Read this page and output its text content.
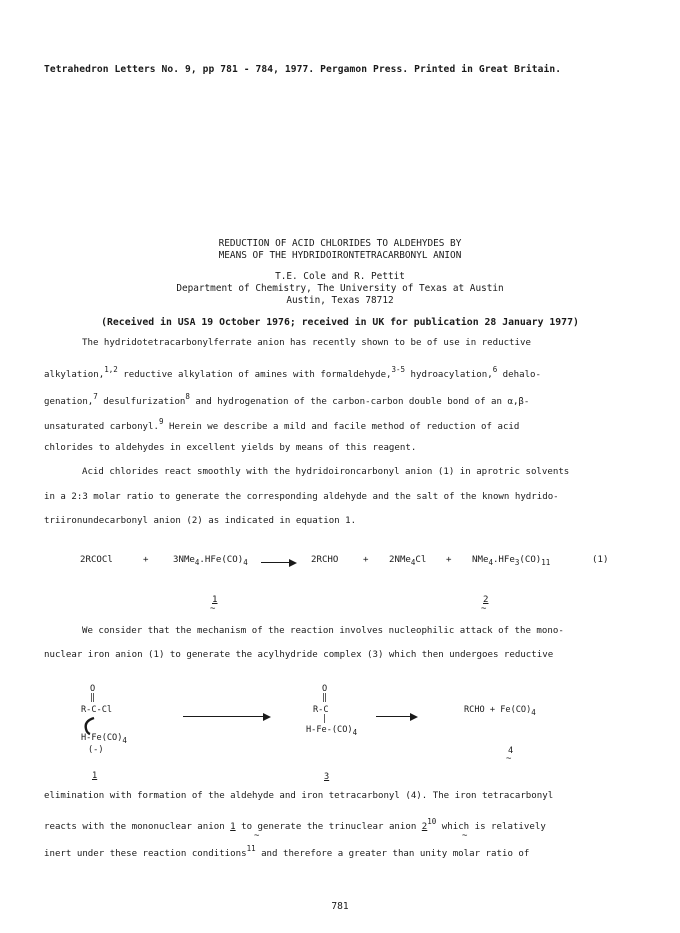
Tetrahedron Letters No. 9, pp 781 - 784, 1977. Pergamon Press. Printed in Great Britain.
REDUCTION OF ACID CHLORIDES TO ALDEHYDES BY
MEANS OF THE HYDRIDOIRONTETRACARBONYL ANION
T.E. Cole and R. Pettit
Department of Chemistry, The University of Texas at Austin
Austin, Texas 78712
(Received in USA 19 October 1976; received in UK for publication 28 January 1977)
The hydridotetracarbonylferrate anion has recently shown to be of use in reductive
alkylation,$^{1,2}$ reductive alkylation of amines with formaldehyde,$^{3-5}$ hydroacylation,$^6$ dehalo-
genation,$^7$ desulfurization$^8$ and hydrogenation of the carbon-carbon double bond of an α,β-
unsaturated carbonyl.$^9$ Herein we describe a mild and facile method of reduction of acid
chlorides to aldehydes in excellent yields by means of this reagent.
Acid chlorides react smoothly with the hydridoironcarbonyl anion (1) in aprotric solvents
in a 2:3 molar ratio to generate the corresponding aldehyde and the salt of the known hydrido-
triironundecarbonyl anion (2) as indicated in equation 1.
2RCOCl	+	$3NMe_4.HFe(CO)_4$	2RCHO	+ $2NMe_4Cl + NMe_4.HFe_3(CO)_{11}$	(1)
1
~
2
~
We consider that the mechanism of the reaction involves nucleophilic attack of the mono-
nuclear iron anion (1) to generate the acylhydride complex (3) which then undergoes reductive
O
‖
R-C-Cl
$H-Fe(CO)_4$
(-)
1
O
‖
R-C
|
$H-Fe-(CO)_4$
3
RCHO + $Fe(CO)_4$
4
~
elimination with formation of the aldehyde and iron tetracarbonyl (4). The iron tetracarbonyl
reacts with the mononuclear anion 1 to generate the trinuclear anion $2^{10}$ which is relatively
inert under these reaction conditions$^{11}$ and therefore a greater than unity molar ratio of
~	~
781
